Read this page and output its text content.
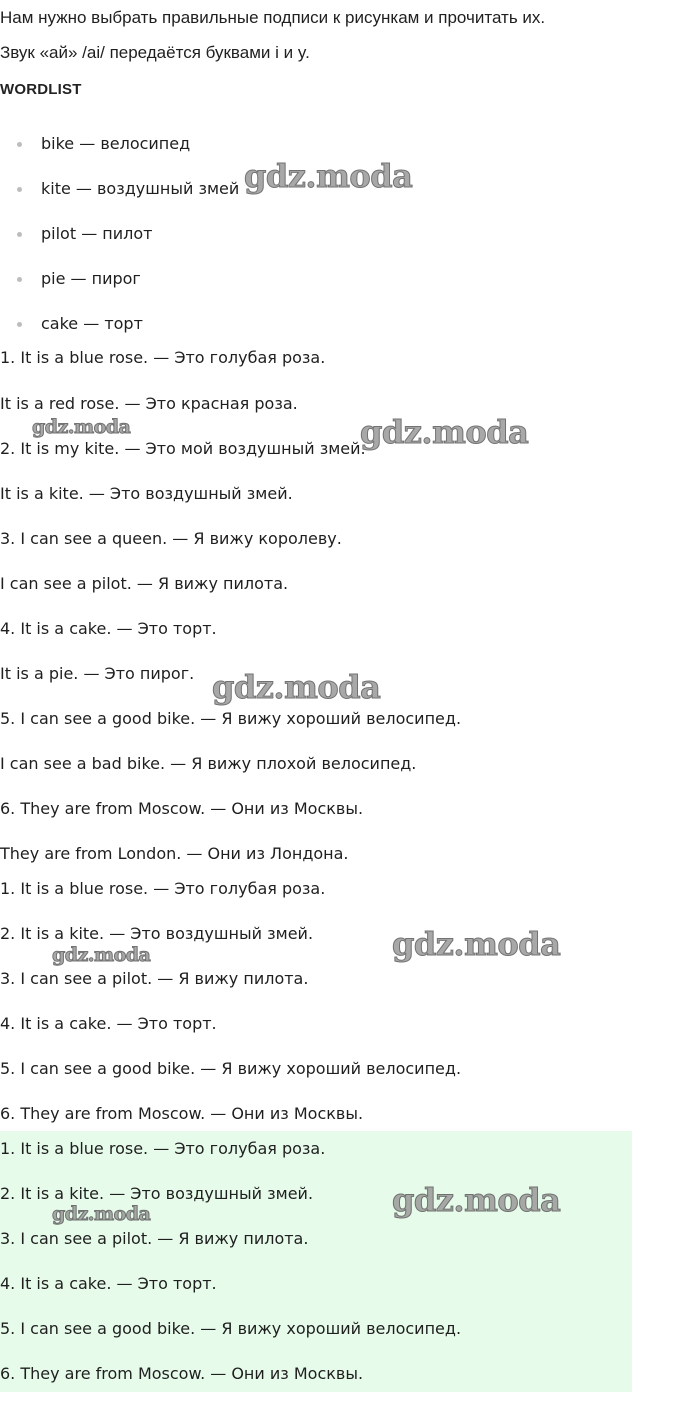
Нам нужно выбрать правильные подписи к рисункам и прочитать их.

Звук «ай» /ai/ передаётся буквами i и y.

WORDLIST

bike — велосипед
kite — воздушный змей
pilot — пилот
pie — пирог
cake — торт

1. It is a blue rose. — Это голубая роза.

It is a red rose. — Это красная роза.

2. It is my kite. — Это мой воздушный змей.

It is a kite. — Это воздушный змей.

3. I can see a queen. — Я вижу королеву.

I can see a pilot. — Я вижу пилота.

4. It is a cake. — Это торт.

It is a pie. — Это пирог.

5. I can see a good bike. — Я вижу хороший велосипед.

I can see a bad bike. — Я вижу плохой велосипед.

6. They are from Moscow. — Они из Москвы.

They are from London. — Они из Лондона.

1. It is a blue rose. — Это голубая роза.

2. It is a kite. — Это воздушный змей.

3. I can see a pilot. — Я вижу пилота.

4. It is a cake. — Это торт.

5. I can see a good bike. — Я вижу хороший велосипед.

6. They are from Moscow. — Они из Москвы.

1. It is a blue rose. — Это голубая роза.

2. It is a kite. — Это воздушный змей.

3. I can see a pilot. — Я вижу пилота.

4. It is a cake. — Это торт.

5. I can see a good bike. — Я вижу хороший велосипед.

6. They are from Moscow. — Они из Москвы.

gdz.moda
gdz.moda	gdz.moda
gdz.moda
gdz.moda
gdz.moda
gdz.moda
gdz.moda
